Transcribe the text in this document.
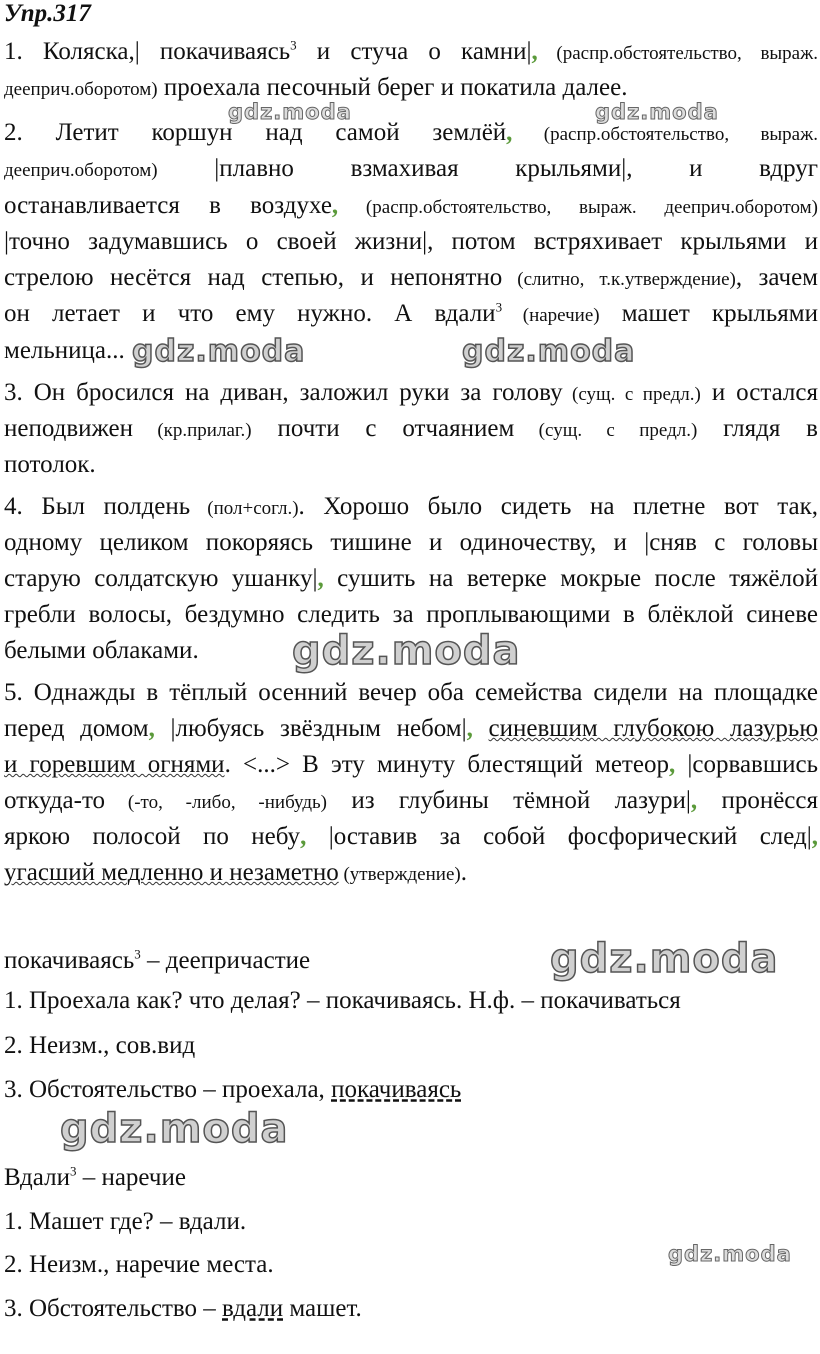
Упр.317
1. Коляска,| покачиваясь$^3$ и стуча о камни|, (распр.обстоятельство, выраж.
дееприч.оборотом) проехала песочный берег и покатила далее.
2. Летит коршун над самой землёй, (распр.обстоятельство, выраж.
дееприч.оборотом) |плавно взмахивая крыльями|, и вдруг
останавливается в воздухе, (распр.обстоятельство, выраж. дееприч.оборотом)
|точно задумавшись о своей жизни|, потом встряхивает крыльями и
стрелою несётся над степью, и непонятно (слитно, т.к.утверждение), зачем
он летает и что ему нужно. А вдали$^3$ (наречие) машет крыльями
мельница...
3. Он бросился на диван, заложил руки за голову (сущ. с предл.) и остался
неподвижен (кр.прилаг.) почти с отчаянием (сущ. с предл.) глядя в
потолок.
4. Был полдень (пол+согл.). Хорошо было сидеть на плетне вот так,
одному целиком покоряясь тишине и одиночеству, и |сняв с головы
старую солдатскую ушанку|, сушить на ветерке мокрые после тяжёлой
гребли волосы, бездумно следить за проплывающими в блёклой синеве
белыми облаками.
5. Однажды в тёплый осенний вечер оба семейства сидели на площадке
перед домом, |любуясь звёздным небом|, синевшим глубокою лазурью
и горевшим огнями. <...> В эту минуту блестящий метеор, |сорвавшись
откуда-то (-то, -либо, -нибудь) из глубины тёмной лазури|, пронёсся
яркою полосой по небу, |оставив за собой фосфорический след|,
угасший медленно и незаметно (утверждение).
покачиваясь$^3$ – деепричастие
1. Проехала как? что делая? – покачиваясь. Н.ф. – покачиваться
2. Неизм., сов.вид
3. Обстоятельство – проехала, покачиваясь
Вдали$^3$ – наречие
1. Машет где? – вдали.
2. Неизм., наречие места.
3. Обстоятельство – вдали машет.
gdz.moda	gdz.moda
gdz.moda	gdz.moda
gdz.moda
gdz.moda
gdz.moda
gdz.moda
